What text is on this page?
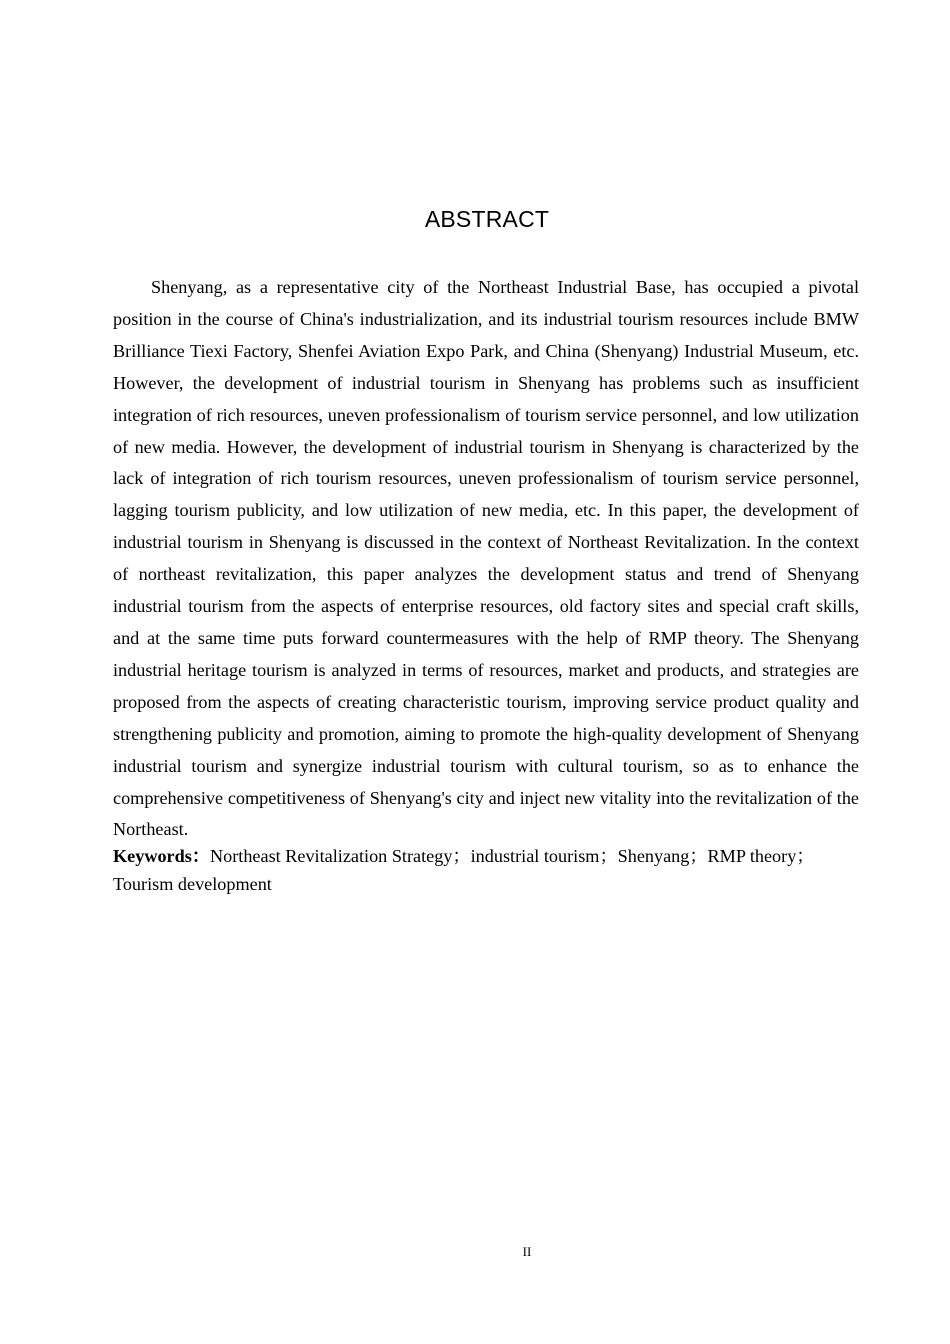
ABSTRACT

Shenyang, as a representative city of the Northeast Industrial Base, has occupied a pivotal position in the course of China's industrialization, and its industrial tourism resources include BMW Brilliance Tiexi Factory, Shenfei Aviation Expo Park, and China (Shenyang) Industrial Museum, etc. However, the development of industrial tourism in Shenyang has problems such as insufficient integration of rich resources, uneven professionalism of tourism service personnel, and low utilization of new media. However, the development of industrial tourism in Shenyang is characterized by the lack of integration of rich tourism resources, uneven professionalism of tourism service personnel, lagging tourism publicity, and low utilization of new media, etc. In this paper, the development of industrial tourism in Shenyang is discussed in the context of Northeast Revitalization. In the context of northeast revitalization, this paper analyzes the development status and trend of Shenyang industrial tourism from the aspects of enterprise resources, old factory sites and special craft skills, and at the same time puts forward countermeasures with the help of RMP theory. The Shenyang industrial heritage tourism is analyzed in terms of resources, market and products, and strategies are proposed from the aspects of creating characteristic tourism, improving service product quality and strengthening publicity and promotion, aiming to promote the high-quality development of Shenyang industrial tourism and synergize industrial tourism with cultural tourism, so as to enhance the comprehensive competitiveness of Shenyang's city and inject new vitality into the revitalization of the Northeast.

Keywords：Northeast Revitalization Strategy；industrial tourism；Shenyang；RMP theory；Tourism development

II
